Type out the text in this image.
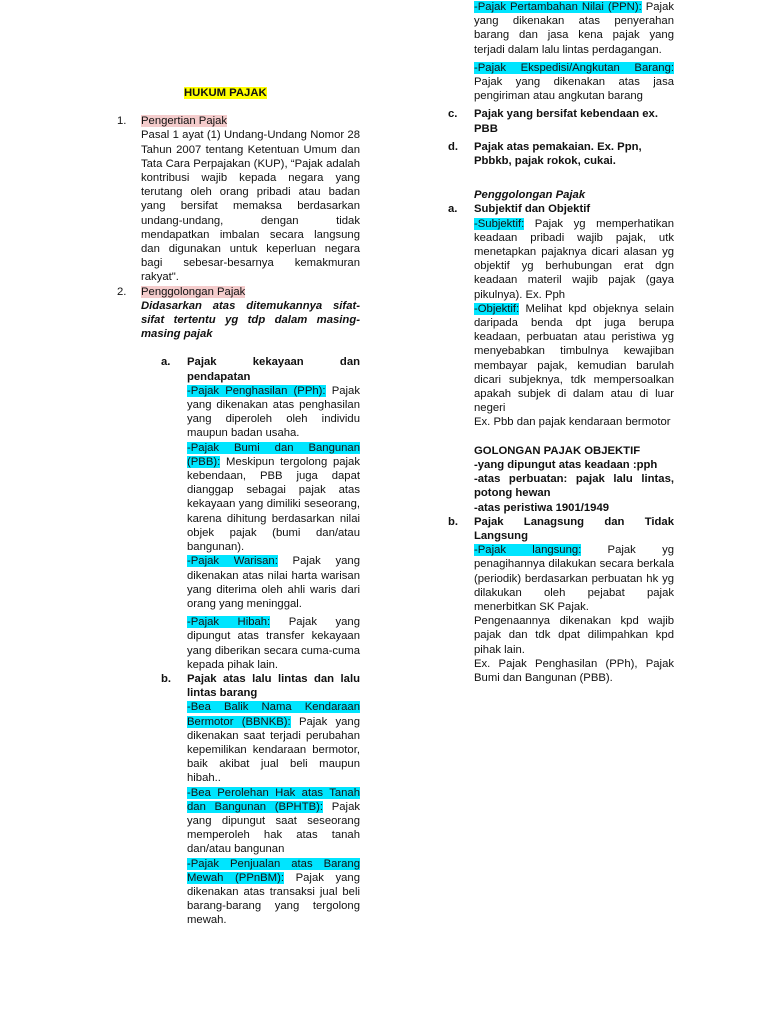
HUKUM PAJAK
1.	Pengertian Pajak

Pasal 1 ayat (1) Undang-Undang Nomor 28 Tahun 2007 tentang Ketentuan Umum dan Tata Cara Perpajakan (KUP), “Pajak adalah kontribusi wajib kepada negara yang terutang oleh orang pribadi atau badan yang bersifat memaksa berdasarkan undang-undang, dengan tidak mendapatkan imbalan secara langsung dan digunakan untuk keperluan negara bagi sebesar-besarnya kemakmuran rakyat".

2.	Penggolongan Pajak

Didasarkan atas ditemukannya sifat-sifat tertentu yg tdp dalam masing-masing pajak

a.	Pajak kekayaan dan pendapatan

-Pajak Penghasilan (PPh): Pajak yang dikenakan atas penghasilan yang diperoleh oleh individu maupun badan usaha.

-Pajak Bumi dan Bangunan (PBB): Meskipun tergolong pajak kebendaan, PBB juga dapat dianggap sebagai pajak atas kekayaan yang dimiliki seseorang, karena dihitung berdasarkan nilai objek pajak (bumi dan/atau bangunan).

-Pajak Warisan: Pajak yang dikenakan atas nilai harta warisan yang diterima oleh ahli waris dari orang yang meninggal.

-Pajak Hibah: Pajak yang dipungut atas transfer kekayaan yang diberikan secara cuma-cuma kepada pihak lain.

b.	Pajak atas lalu lintas dan lalu lintas barang

-Bea Balik Nama Kendaraan Bermotor (BBNKB): Pajak yang dikenakan saat terjadi perubahan kepemilikan kendaraan bermotor, baik akibat jual beli maupun hibah..

-Bea Perolehan Hak atas Tanah dan Bangunan (BPHTB): Pajak yang dipungut saat seseorang memperoleh hak atas tanah dan/atau bangunan

-Pajak Penjualan atas Barang Mewah (PPnBM): Pajak yang dikenakan atas transaksi jual beli barang-barang yang tergolong mewah.

-Pajak Pertambahan Nilai (PPN): Pajak yang dikenakan atas penyerahan barang dan jasa kena pajak yang terjadi dalam lalu lintas perdagangan.

-Pajak Ekspedisi/Angkutan Barang: Pajak yang dikenakan atas jasa pengiriman atau angkutan barang

c.	Pajak yang bersifat kebendaan ex. PBB

d.	Pajak atas pemakaian. Ex. Ppn, Pbbkb, pajak rokok, cukai.

Penggolongan Pajak

a.	Subjektif dan Objektif

-Subjektif: Pajak yg memperhatikan keadaan pribadi wajib pajak, utk menetapkan pajaknya dicari alasan yg objektif yg berhubungan erat dgn keadaan materil wajib pajak (gaya pikulnya). Ex. Pph

-Objektif: Melihat kpd objeknya selain daripada benda dpt juga berupa keadaan, perbuatan atau peristiwa yg menyebabkan timbulnya kewajiban membayar pajak, kemudian barulah dicari subjeknya, tdk mempersoalkan apakah subjek di dalam atau di luar negeri

Ex. Pbb dan pajak kendaraan bermotor

GOLONGAN PAJAK OBJEKTIF

-yang dipungut atas keadaan :pph

-atas perbuatan: pajak lalu lintas, potong hewan

-atas peristiwa 1901/1949

b.	Pajak Lanagsung dan Tidak Langsung

-Pajak langsung: Pajak yg penagihannya dilakukan secara berkala (periodik) berdasarkan perbuatan hk yg dilakukan oleh pejabat pajak menerbitkan SK Pajak.

Pengenaannya dikenakan kpd wajib pajak dan tdk dpat dilimpahkan kpd pihak lain.

Ex. Pajak Penghasilan (PPh), Pajak Bumi dan Bangunan (PBB).
